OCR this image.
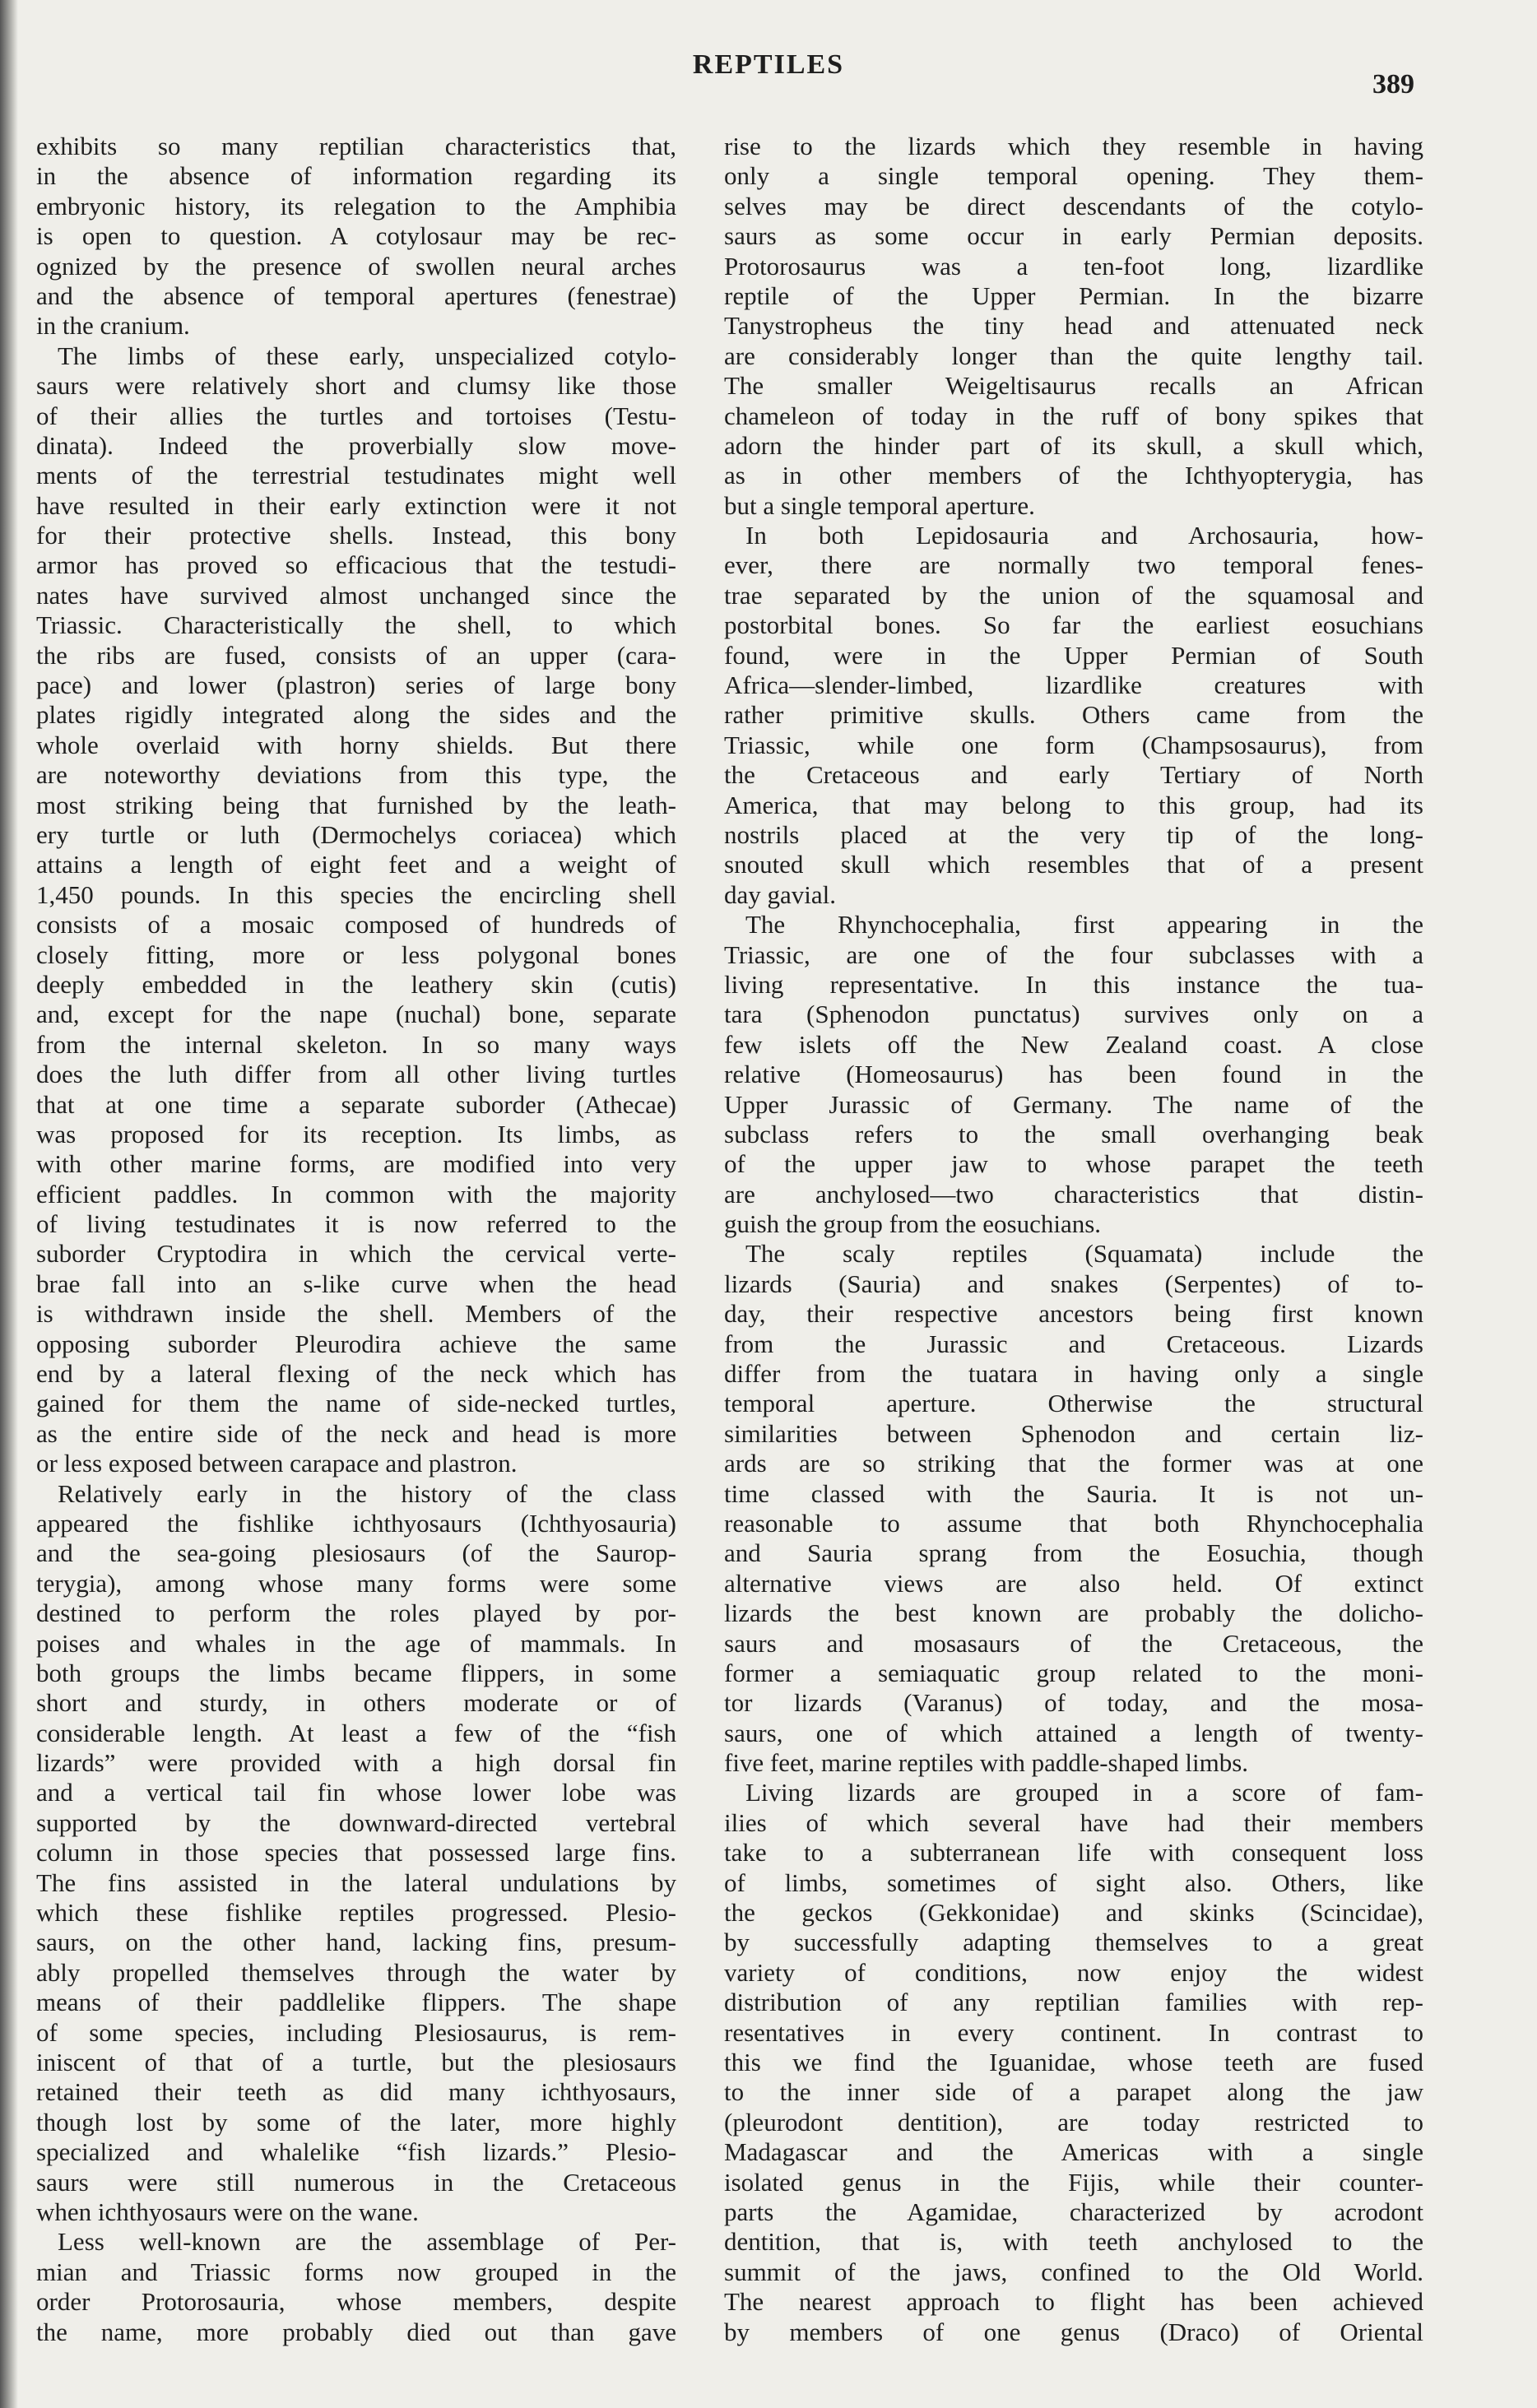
REPTILES
389
exhibits so many reptilian characteristics that,
in the absence of information regarding its
embryonic history, its relegation to the Amphibia
is open to question. A cotylosaur may be rec-
ognized by the presence of swollen neural arches
and the absence of temporal apertures (fenestrae)
in the cranium.
The limbs of these early, unspecialized cotylo-
saurs were relatively short and clumsy like those
of their allies the turtles and tortoises (Testu-
dinata). Indeed the proverbially slow move-
ments of the terrestrial testudinates might well
have resulted in their early extinction were it not
for their protective shells. Instead, this bony
armor has proved so efficacious that the testudi-
nates have survived almost unchanged since the
Triassic. Characteristically the shell, to which
the ribs are fused, consists of an upper (cara-
pace) and lower (plastron) series of large bony
plates rigidly integrated along the sides and the
whole overlaid with horny shields. But there
are noteworthy deviations from this type, the
most striking being that furnished by the leath-
ery turtle or luth (Dermochelys coriacea) which
attains a length of eight feet and a weight of
1,450 pounds. In this species the encircling shell
consists of a mosaic composed of hundreds of
closely fitting, more or less polygonal bones
deeply embedded in the leathery skin (cutis)
and, except for the nape (nuchal) bone, separate
from the internal skeleton. In so many ways
does the luth differ from all other living turtles
that at one time a separate suborder (Athecae)
was proposed for its reception. Its limbs, as
with other marine forms, are modified into very
efficient paddles. In common with the majority
of living testudinates it is now referred to the
suborder Cryptodira in which the cervical verte-
brae fall into an s-like curve when the head
is withdrawn inside the shell. Members of the
opposing suborder Pleurodira achieve the same
end by a lateral flexing of the neck which has
gained for them the name of side-necked turtles,
as the entire side of the neck and head is more
or less exposed between carapace and plastron.
Relatively early in the history of the class
appeared the fishlike ichthyosaurs (Ichthyosauria)
and the sea-going plesiosaurs (of the Saurop-
terygia), among whose many forms were some
destined to perform the roles played by por-
poises and whales in the age of mammals. In
both groups the limbs became flippers, in some
short and sturdy, in others moderate or of
considerable length. At least a few of the “fish
lizards” were provided with a high dorsal fin
and a vertical tail fin whose lower lobe was
supported by the downward-directed vertebral
column in those species that possessed large fins.
The fins assisted in the lateral undulations by
which these fishlike reptiles progressed. Plesio-
saurs, on the other hand, lacking fins, presum-
ably propelled themselves through the water by
means of their paddlelike flippers. The shape
of some species, including Plesiosaurus, is rem-
iniscent of that of a turtle, but the plesiosaurs
retained their teeth as did many ichthyosaurs,
though lost by some of the later, more highly
specialized and whalelike “fish lizards.” Plesio-
saurs were still numerous in the Cretaceous
when ichthyosaurs were on the wane.
Less well-known are the assemblage of Per-
mian and Triassic forms now grouped in the
order Protorosauria, whose members, despite
the name, more probably died out than gave
rise to the lizards which they resemble in having
only a single temporal opening. They them-
selves may be direct descendants of the cotylo-
saurs as some occur in early Permian deposits.
Protorosaurus was a ten-foot long, lizardlike
reptile of the Upper Permian. In the bizarre
Tanystropheus the tiny head and attenuated neck
are considerably longer than the quite lengthy tail.
The smaller Weigeltisaurus recalls an African
chameleon of today in the ruff of bony spikes that
adorn the hinder part of its skull, a skull which,
as in other members of the Ichthyopterygia, has
but a single temporal aperture.
In both Lepidosauria and Archosauria, how-
ever, there are normally two temporal fenes-
trae separated by the union of the squamosal and
postorbital bones. So far the earliest eosuchians
found, were in the Upper Permian of South
Africa—slender-limbed, lizardlike creatures with
rather primitive skulls. Others came from the
Triassic, while one form (Champsosaurus), from
the Cretaceous and early Tertiary of North
America, that may belong to this group, had its
nostrils placed at the very tip of the long-
snouted skull which resembles that of a present
day gavial.
The Rhynchocephalia, first appearing in the
Triassic, are one of the four subclasses with a
living representative. In this instance the tua-
tara (Sphenodon punctatus) survives only on a
few islets off the New Zealand coast. A close
relative (Homeosaurus) has been found in the
Upper Jurassic of Germany. The name of the
subclass refers to the small overhanging beak
of the upper jaw to whose parapet the teeth
are anchylosed—two characteristics that distin-
guish the group from the eosuchians.
The scaly reptiles (Squamata) include the
lizards (Sauria) and snakes (Serpentes) of to-
day, their respective ancestors being first known
from the Jurassic and Cretaceous. Lizards
differ from the tuatara in having only a single
temporal aperture. Otherwise the structural
similarities between Sphenodon and certain liz-
ards are so striking that the former was at one
time classed with the Sauria. It is not un-
reasonable to assume that both Rhynchocephalia
and Sauria sprang from the Eosuchia, though
alternative views are also held. Of extinct
lizards the best known are probably the dolicho-
saurs and mosasaurs of the Cretaceous, the
former a semiaquatic group related to the moni-
tor lizards (Varanus) of today, and the mosa-
saurs, one of which attained a length of twenty-
five feet, marine reptiles with paddle-shaped limbs.
Living lizards are grouped in a score of fam-
ilies of which several have had their members
take to a subterranean life with consequent loss
of limbs, sometimes of sight also. Others, like
the geckos (Gekkonidae) and skinks (Scincidae),
by successfully adapting themselves to a great
variety of conditions, now enjoy the widest
distribution of any reptilian families with rep-
resentatives in every continent. In contrast to
this we find the Iguanidae, whose teeth are fused
to the inner side of a parapet along the jaw
(pleurodont dentition), are today restricted to
Madagascar and the Americas with a single
isolated genus in the Fijis, while their counter-
parts the Agamidae, characterized by acrodont
dentition, that is, with teeth anchylosed to the
summit of the jaws, confined to the Old World.
The nearest approach to flight has been achieved
by members of one genus (Draco) of Oriental
